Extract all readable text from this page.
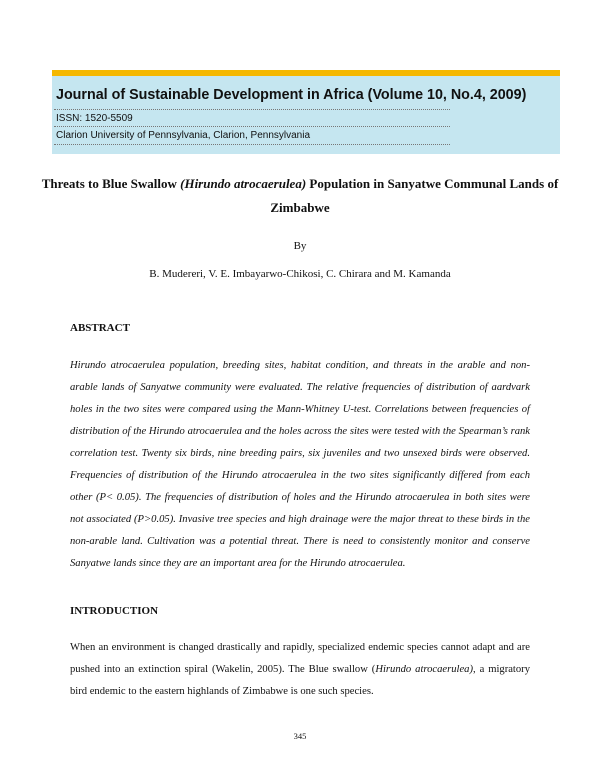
Journal of Sustainable Development in Africa (Volume 10, No.4, 2009)
ISSN: 1520-5509
Clarion University of Pennsylvania, Clarion, Pennsylvania
Threats to Blue Swallow (Hirundo atrocaerulea) Population in Sanyatwe Communal Lands of Zimbabwe
By
B. Mudereri, V. E. Imbayarwo-Chikosi, C. Chirara and M. Kamanda
ABSTRACT

Hirundo atrocaerulea population, breeding sites, habitat condition, and threats in the arable and non-arable lands of Sanyatwe community were evaluated. The relative frequencies of distribution of aardvark holes in the two sites were compared using the Mann-Whitney U-test. Correlations between frequencies of distribution of the Hirundo atrocaerulea and the holes across the sites were tested with the Spearman’s rank correlation test. Twenty six birds, nine breeding pairs, six juveniles and two unsexed birds were observed. Frequencies of distribution of the Hirundo atrocaerulea in the two sites significantly differed from each other (P< 0.05). The frequencies of distribution of holes and the Hirundo atrocaerulea in both sites were not associated (P>0.05). Invasive tree species and high drainage were the major threat to these birds in the non-arable land. Cultivation was a potential threat. There is need to consistently monitor and conserve Sanyatwe lands since they are an important area for the Hirundo atrocaerulea.

INTRODUCTION

When an environment is changed drastically and rapidly, specialized endemic species cannot adapt and are pushed into an extinction spiral (Wakelin, 2005). The Blue swallow (Hirundo atrocaerulea), a migratory bird endemic to the eastern highlands of Zimbabwe is one such species.

345
